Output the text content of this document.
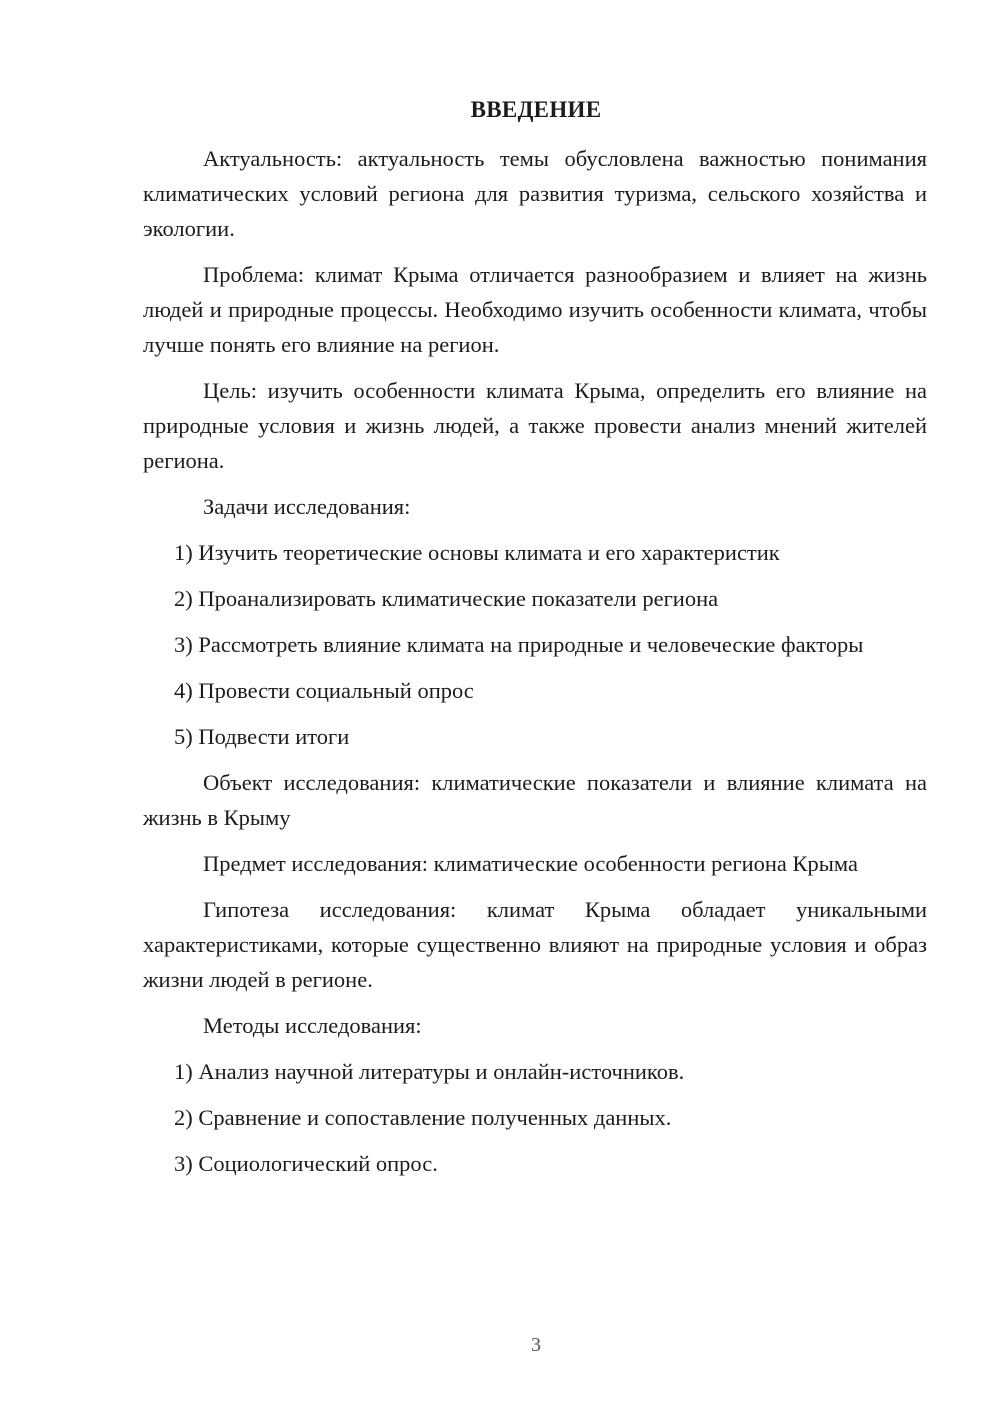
ВВЕДЕНИЕ

Актуальность: актуальность темы обусловлена важностью понимания климатических условий региона для развития туризма, сельского хозяйства и экологии.

Проблема: климат Крыма отличается разнообразием и влияет на жизнь людей и природные процессы. Необходимо изучить особенности климата, чтобы лучше понять его влияние на регион.

Цель: изучить особенности климата Крыма, определить его влияние на природные условия и жизнь людей, а также провести анализ мнений жителей региона.

Задачи исследования:

1) Изучить теоретические основы климата и его характеристик

2) Проанализировать климатические показатели региона

3) Рассмотреть влияние климата на природные и человеческие факторы

4) Провести социальный опрос

5) Подвести итоги

Объект исследования: климатические показатели и влияние климата на жизнь в Крыму

Предмет исследования: климатические особенности региона Крыма

Гипотеза исследования: климат Крыма обладает уникальными характеристиками, которые существенно влияют на природные условия и образ жизни людей в регионе.

Методы исследования:

1) Анализ научной литературы и онлайн-источников.

2) Сравнение и сопоставление полученных данных.

3) Социологический опрос.

3
